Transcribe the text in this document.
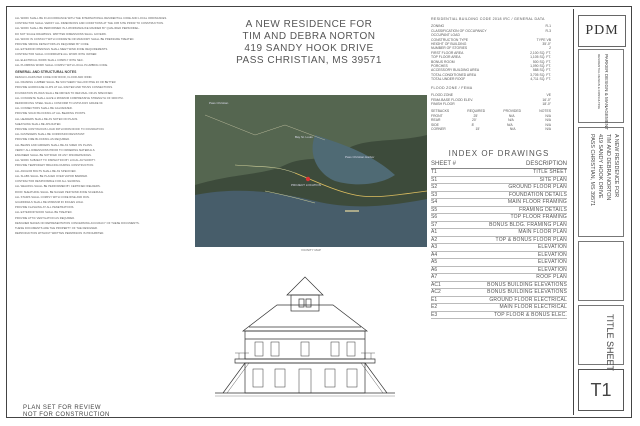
ALL WORK SHALL BE IN ACCORDANCE WITH THE INTERNATIONAL RESIDENTIAL CODE AND LOCAL ORDINANCES.

CONTRACTOR SHALL VERIFY ALL DIMENSIONS AND CONDITIONS AT THE JOB SITE PRIOR TO CONSTRUCTION.

ALL WORK SHALL BE PERFORMED IN A WORKMANLIKE MANNER BY QUALIFIED PERSONNEL.

DO NOT SCALE DRAWINGS. WRITTEN DIMENSIONS SHALL GOVERN.

ALL WOOD IN CONTACT WITH CONCRETE OR MASONRY SHALL BE PRESSURE TREATED.

PROVIDE SMOKE DETECTORS AS REQUIRED BY CODE.

ALL EXTERIOR OPENINGS SHALL MEET WIND ZONE REQUIREMENTS.

CONTRACTOR SHALL COORDINATE ALL WORK WITH OWNER.

ALL ELECTRICAL WORK SHALL COMPLY WITH NEC.

ALL PLUMBING WORK SHALL COMPLY WITH LOCAL PLUMBING CODE.

GENERAL AND STRUCTURAL NOTES

DESIGN LOADS PER CODE FOR ROOF, FLOOR AND WIND.

ALL FRAMING LUMBER SHALL BE SOUTHERN YELLOW PINE #2 OR BETTER.

PROVIDE HURRICANE CLIPS AT ALL RAFTER AND TRUSS CONNECTIONS.

FOUNDATION PILINGS SHALL BE DRIVEN TO REFUSAL OR AS SPECIFIED.

ALL CONCRETE SHALL HAVE A MINIMUM COMPRESSIVE STRENGTH OF 3000 PSI.

REINFORCING STEEL SHALL CONFORM TO ASTM A615 GRADE 60.

ALL CONNECTORS SHALL BE GALVANIZED.

PROVIDE SOLID BLOCKING AT ALL BEARING POINTS.

ALL HEADERS SHALL BE AS NOTED ON PLANS.

SHEATHING SHALL BE APA RATED.

PROVIDE CONTINUOUS LOAD PATH FROM ROOF TO FOUNDATION.

ALL FASTENERS SHALL BE CORROSION RESISTANT.

PROVIDE FIRE BLOCKING AS REQUIRED.

ALL BEAMS AND GIRDERS SHALL BE AS SIZED ON PLANS.

VERIFY ALL DIMENSIONS PRIOR TO ORDERING MATERIALS.

ENGINEER SHALL BE NOTIFIED OF ANY DISCREPANCIES.

ALL WORK SUBJECT TO INSPECTION BY LOCAL AUTHORITY.

PROVIDE TEMPORARY BRACING DURING CONSTRUCTION.

ALL ANCHOR BOLTS SHALL BE AS SPECIFIED.

ALL SLABS SHALL BE PLACED OVER VAPOR BARRIER.

CONTRACTOR RESPONSIBLE FOR ALL SHORING.

ALL WELDING SHALL BE PERFORMED BY CERTIFIED WELDERS.

ROOF SHEATHING SHALL BE NAILED PER WIND ZONE SCHEDULE.

ALL STAIRS SHALL COMPLY WITH CODE RISE AND RUN.

GUARDRAILS SHALL BE MINIMUM 36 INCHES HIGH.

PROVIDE FLASHING AT ALL PENETRATIONS.

ALL EXTERIOR WOOD SHALL BE TREATED.

PROVIDE ATTIC VENTILATION AS REQUIRED.

DESIGNER MAKES NO REPRESENTATION CONCERNING ACCURACY OF THESE DOCUMENTS.

THESE DOCUMENTS ARE THE PROPERTY OF THE DESIGNER.

REPRODUCTION WITHOUT WRITTEN PERMISSION IS PROHIBITED.

PLAN SET FOR REVIEW
NOT FOR CONSTRUCTION
A NEW RESIDENCE FOR
TIM AND DEBRA NORTON
419 SANDY HOOK DRIVE
PASS CHRISTIAN, MS 39571
PROJECT LOCATION
Pass Christian
Bay St. Louis
Pass Christian Harbor
VICINITY MAP
RESIDENTIAL BUILDING CODE 2018 IRC / GENERAL DATA
ZONING	R-1
CLASSIFICATION OF OCCUPANCY	R-3
OCCUPANT LOAD
CONSTRUCTION TYPE	TYPE VB
HEIGHT OF BUILDING	35'-0"
NUMBER OF STORIES	2
FIRST FLOOR AREA	2,100 SQ. FT.
TOP FLOOR AREA	1,105 SQ. FT.
BONUS ROOM	500 SQ. FT.
PORCHES	1,090 SQ. FT.
ACCESSORY BUILDING AREA	588 SQ. FT.
TOTAL CONDITIONED AREA	3,705 SQ. FT.
TOTAL UNDER ROOF	4,711 SQ. FT.
FLOOD ZONE / FEMA
FLOOD ZONE	VE
FEMA BASE FLOOD ELEV.	16'-0"
FINISH FLOOR	18'-0"
SETBACKS	REQUIRED	PROVIDED	NOTES
FRONT	25'	N/A	N/A
REAR	20'	N/A	N/A
SIDE	8'	N/A	N/A
CORNER	15'	N/A	N/A
INDEX OF DRAWINGS
SHEET #	DESCRIPTION
T1	TITLE SHEET
S1	SITE PLAN
S2	GROUND FLOOR PLAN
S3	FOUNDATION DETAILS
S4	MAIN FLOOR FRAMING
S5	FRAMING DETAILS
S6	TOP FLOOR FRAMING
S7	BONUS BLDG. FRAMING PLAN
A1	MAIN FLOOR PLAN
A2	TOP & BONUS FLOOR PLAN
A3	ELEVATION
A4	ELEVATION
A5	ELEVATION
A6	ELEVATION
A7	ROOF PLAN
AC1	BONUS BUILDING ELEVATIONS
AC2	BONUS BUILDING ELEVATIONS
E1	GROUND FLOOR ELECTRICAL
E2	MAIN FLOOR ELECTRICAL
E3	TOP FLOOR & BONUS ELEC.
PDM
PARKER DESIGN & MANAGEMENT
RESIDENTIAL DESIGN & CONSULTING
A NEW RESIDENCE FOR
TIM AND DEBRA NORTON
419 SANDY HOOK DRIVE
PASS CHRISTIAN, MS 39571
TITLE SHEET
T1
